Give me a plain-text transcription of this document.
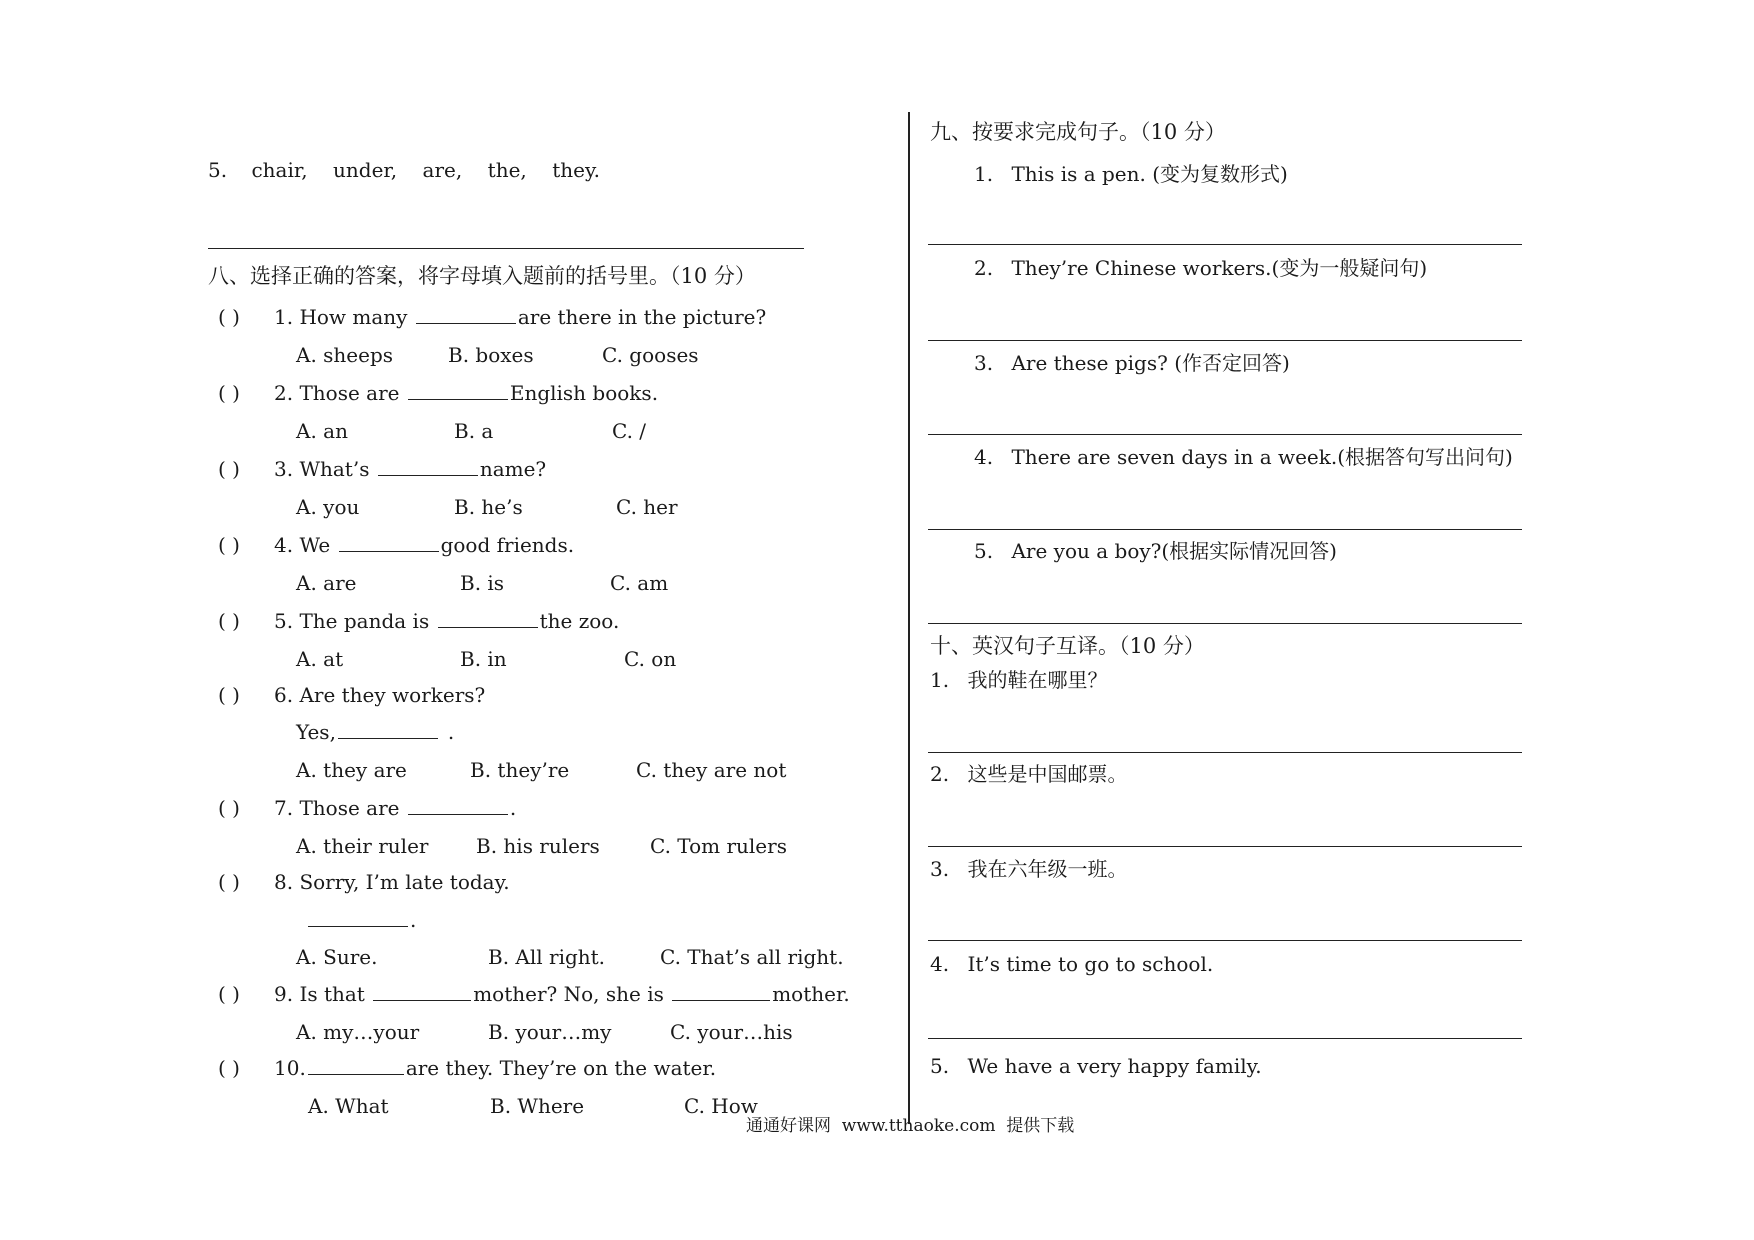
5. chair,    under,    are,    the,    they.
八、选择正确的答案，将字母填入题前的括号里。（10 分）
( ) 1. How many	are there in the picture?
A. sheeps	B. boxes	C. gooses
( ) 2. Those are	English books.
A. an	B. a	C. /
( ) 3. What’s	name?
A. you	B. he’s	C. her
( ) 4. We	good friends.
A. are	B. is	C. am
( ) 5. The panda is	the zoo.
A. at	B. in	C. on
( ) 6. Are they workers?
Yes,	.
A. they are	B. they’re	C. they are not
( ) 7. Those are	.
A. their ruler B. his rulers	C. Tom rulers
( ) 8. Sorry, I’m late today.
.
A. Sure.	B. All right.	C. That’s all right.
( ) 9. Is that	mother? No, she is	mother.
A. my…your	B. your…my	C. your…his
( ) 10.	are they. They’re on the water.
A. What	B. Where	C. How
九、按要求完成句子。（10 分）
1. This is a pen. (变为复数形式)
2. They’re Chinese workers.(变为一般疑问句)
3. Are these pigs? (作否定回答)
4. There are seven days in a week.(根据答句写出问句)
5. Are you a boy?(根据实际情况回答)
十、英汉句子互译。（10 分）
1. 我的鞋在哪里？
2. 这些是中国邮票。
3. 我在六年级一班。
4. It’s time to go to school.
5. We have a very happy family.
通通好课网  www.tthaoke.com  提供下载
